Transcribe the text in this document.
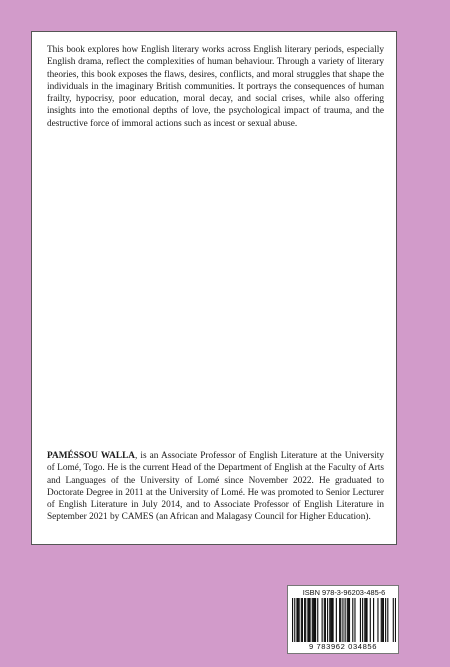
This book explores how English literary works across English literary periods, especially English drama, reflect the complexities of human behaviour. Through a variety of literary theories, this book exposes the flaws, desires, conflicts, and moral struggles that shape the individuals in the imaginary British communities. It portrays the consequences of human frailty, hypocrisy, poor education, moral decay, and social crises, while also offering insights into the emotional depths of love, the psychological impact of trauma, and the destructive force of immoral actions such as incest or sexual abuse.

PAMÉSSOU WALLA, is an Associate Professor of English Literature at the University of Lomé, Togo. He is the current Head of the Department of English at the Faculty of Arts and Languages of the University of Lomé since November 2022. He graduated to Doctorate Degree in 2011 at the University of Lomé. He was promoted to Senior Lecturer of English Literature in July 2014, and to Associate Professor of English Literature in September 2021 by CAMES (an African and Malagasy Council for Higher Education).

ISBN 978-3-96203-485-6
9 783962 034856
